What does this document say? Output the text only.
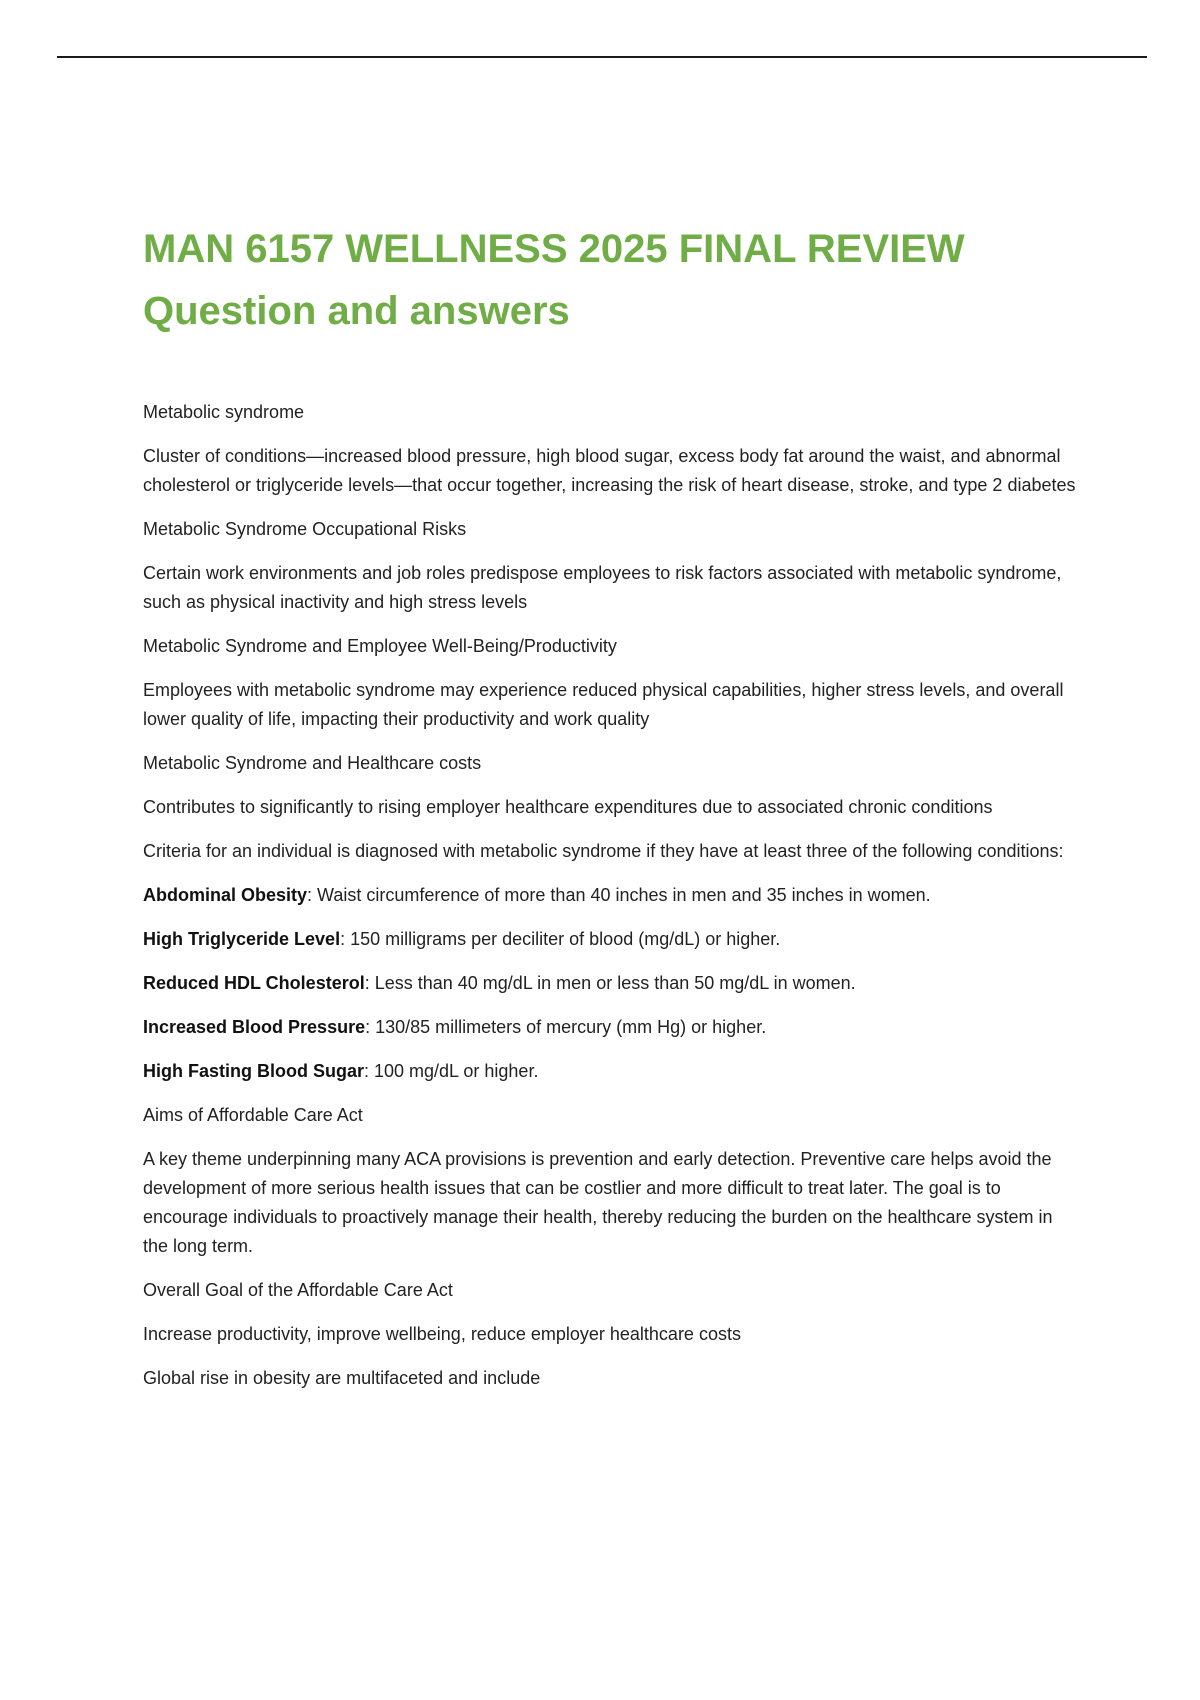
MAN 6157 WELLNESS 2025 FINAL REVIEW
Question and answers

Metabolic syndrome

Cluster of conditions—increased blood pressure, high blood sugar, excess body fat around the waist, and abnormal cholesterol or triglyceride levels—that occur together, increasing the risk of heart disease, stroke, and type 2 diabetes

Metabolic Syndrome Occupational Risks

Certain work environments and job roles predispose employees to risk factors associated with metabolic syndrome, such as physical inactivity and high stress levels

Metabolic Syndrome and Employee Well-Being/Productivity

Employees with metabolic syndrome may experience reduced physical capabilities, higher stress levels, and overall lower quality of life, impacting their productivity and work quality

Metabolic Syndrome and Healthcare costs

Contributes to significantly to rising employer healthcare expenditures due to associated chronic conditions

Criteria for an individual is diagnosed with metabolic syndrome if they have at least three of the following conditions:

Abdominal Obesity: Waist circumference of more than 40 inches in men and 35 inches in women.

High Triglyceride Level: 150 milligrams per deciliter of blood (mg/dL) or higher.

Reduced HDL Cholesterol: Less than 40 mg/dL in men or less than 50 mg/dL in women.

Increased Blood Pressure: 130/85 millimeters of mercury (mm Hg) or higher.

High Fasting Blood Sugar: 100 mg/dL or higher.

Aims of Affordable Care Act

A key theme underpinning many ACA provisions is prevention and early detection. Preventive care helps avoid the development of more serious health issues that can be costlier and more difficult to treat later. The goal is to encourage individuals to proactively manage their health, thereby reducing the burden on the healthcare system in the long term.

Overall Goal of the Affordable Care Act

Increase productivity, improve wellbeing, reduce employer healthcare costs

Global rise in obesity are multifaceted and include
